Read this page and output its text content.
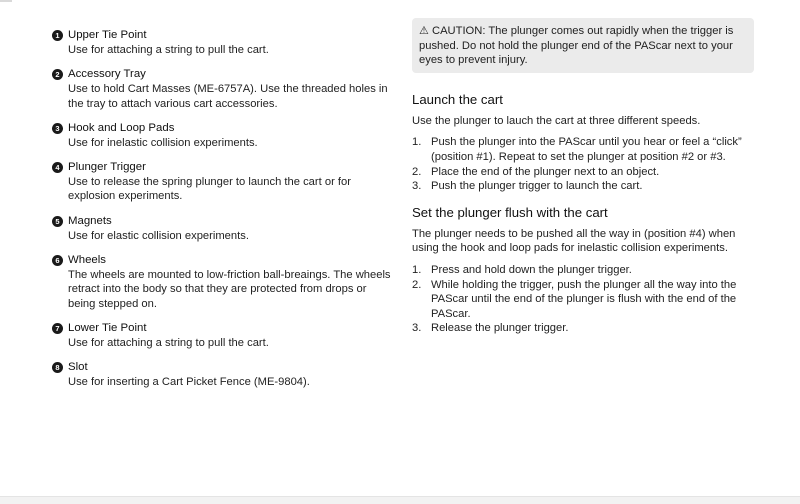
1 Upper Tie Point
Use for attaching a string to pull the cart.
2 Accessory Tray
Use to hold Cart Masses (ME-6757A). Use the threaded holes in the tray to attach various cart accessories.
3 Hook and Loop Pads
Use for inelastic collision experiments.
4 Plunger Trigger
Use to release the spring plunger to launch the cart or for explosion experiments.
5 Magnets
Use for elastic collision experiments.
6 Wheels
The wheels are mounted to low-friction ball-breaings. The wheels retract into the body so that they are protected from drops or being stepped on.
7 Lower Tie Point
Use for attaching a string to pull the cart.
8 Slot
Use for inserting a Cart Picket Fence (ME-9804).
⚠ CAUTION: The plunger comes out rapidly when the trigger is pushed. Do not hold the plunger end of the PAScar next to your eyes to prevent injury.
Launch the cart

Use the plunger to lauch the cart at three different speeds.

1. Push the plunger into the PAScar until you hear or feel a “click” (position #1). Repeat to set the plunger at position #2 or #3.
2. Place the end of the plunger next to an object.
3. Push the plunger trigger to launch the cart.
Set the plunger flush with the cart

The plunger needs to be pushed all the way in (position #4) when using the hook and loop pads for inelastic collision experiments.

1. Press and hold down the plunger trigger.
2. While holding the trigger, push the plunger all the way into the PAScar until the end of the plunger is flush with the end of the PAScar.
3. Release the plunger trigger.
